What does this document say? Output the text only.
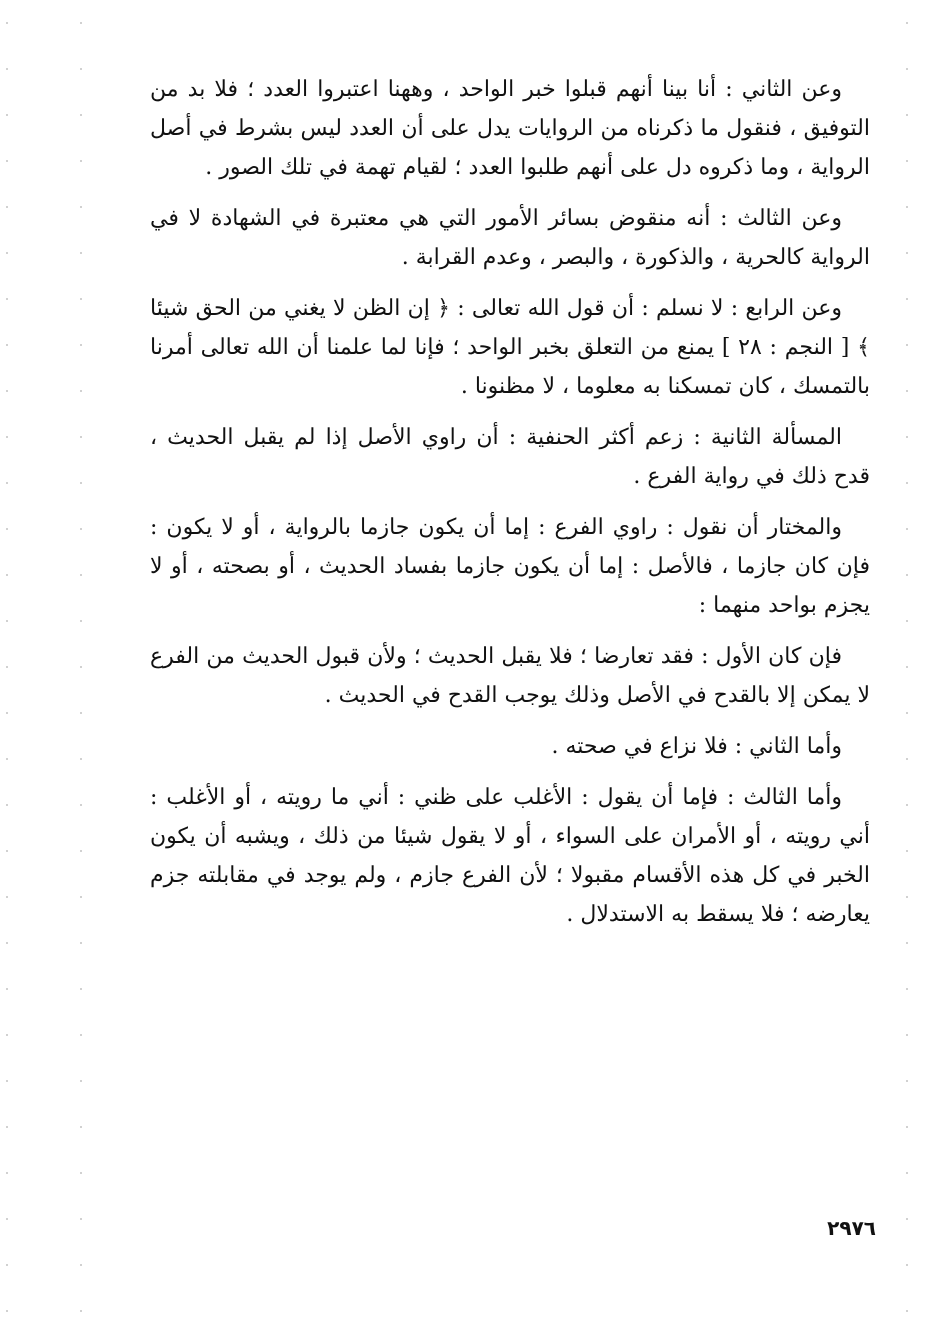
وعن الثاني : أنا بينا أنهم قبلوا خبر الواحد ، وههنا اعتبروا العدد ؛ فلا بد من التوفيق ، فنقول ما ذكرناه من الروايات يدل على أن العدد ليس بشرط في أصل الرواية ، وما ذكروه دل على أنهم طلبوا العدد ؛ لقيام تهمة في تلك الصور .

وعن الثالث : أنه منقوض بسائر الأمور التي هي معتبرة في الشهادة لا في الرواية كالحرية ، والذكورة ، والبصر ، وعدم القرابة .

وعن الرابع : لا نسلم : أن قول الله تعالى : ﴿ إن الظن لا يغني من الحق شيئا ﴾ [ النجم : ٢٨ ] يمنع من التعلق بخبر الواحد ؛ فإنا لما علمنا أن الله تعالى أمرنا بالتمسك ، كان تمسكنا به معلوما ، لا مظنونا .

المسألة الثانية : زعم أكثر الحنفية : أن راوي الأصل إذا لم يقبل الحديث ، قدح ذلك في رواية الفرع .

والمختار أن نقول : راوي الفرع : إما أن يكون جازما بالرواية ، أو لا يكون : فإن كان جازما ، فالأصل : إما أن يكون جازما بفساد الحديث ، أو بصحته ، أو لا يجزم بواحد منهما :

فإن كان الأول : فقد تعارضا ؛ فلا يقبل الحديث ؛ ولأن قبول الحديث من الفرع لا يمكن إلا بالقدح في الأصل وذلك يوجب القدح في الحديث .

وأما الثاني : فلا نزاع في صحته .

وأما الثالث : فإما أن يقول : الأغلب على ظني : أني ما رويته ، أو الأغلب : أني رويته ، أو الأمران على السواء ، أو لا يقول شيئا من ذلك ، ويشبه أن يكون الخبر في كل هذه الأقسام مقبولا ؛ لأن الفرع جازم ، ولم يوجد في مقابلته جزم يعارضه ؛ فلا يسقط به الاستدلال .

٢٩٧٦
